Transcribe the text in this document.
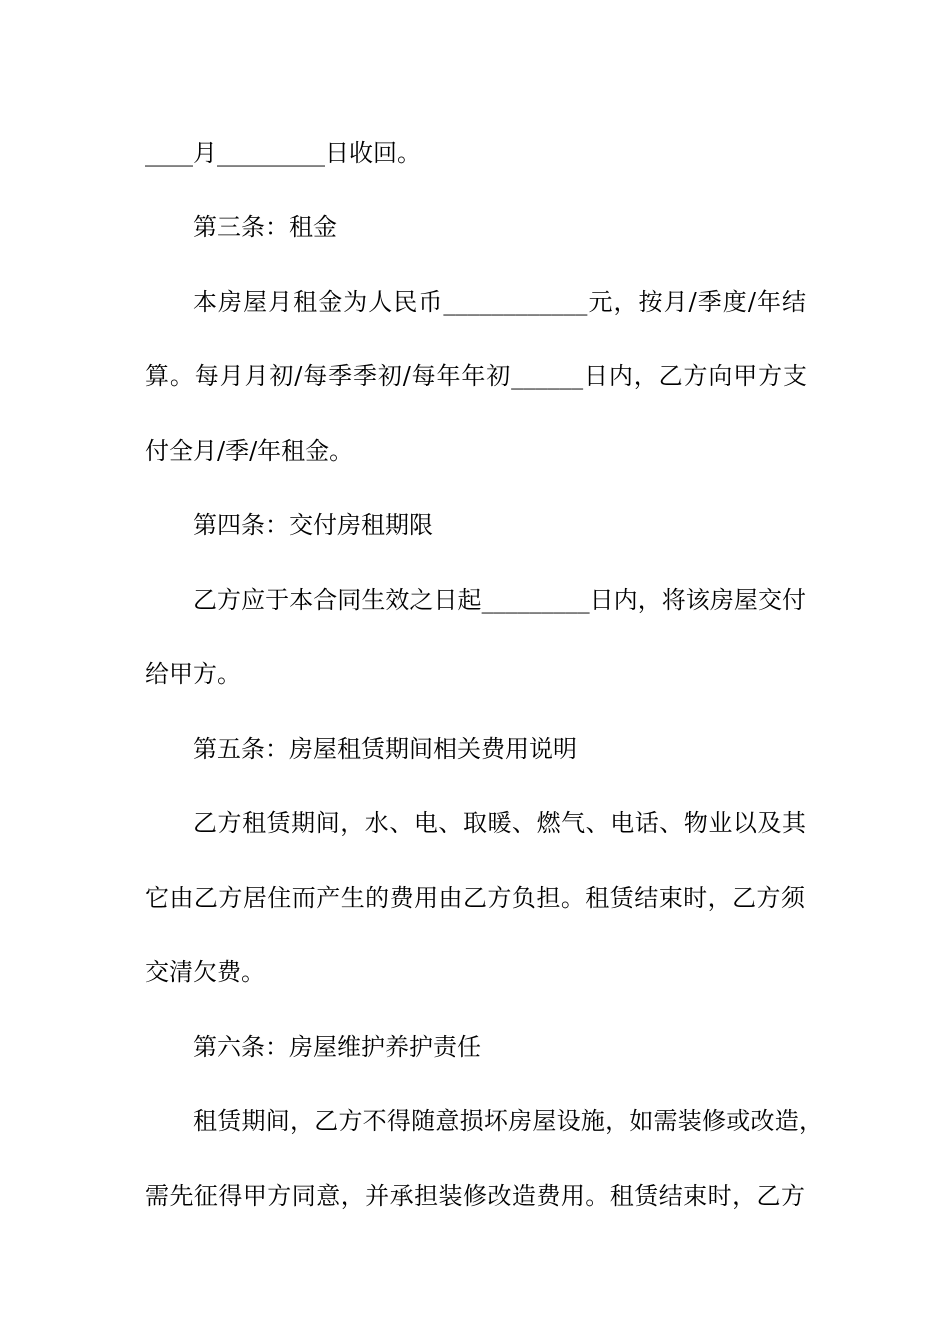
____月_________日收回。
第三条：租金
本房屋月租金为人民币____________元，按月/季度/年结
算。每月月初/每季季初/每年年初______日内，乙方向甲方支
付全月/季/年租金。
第四条：交付房租期限
乙方应于本合同生效之日起_________日内，将该房屋交付
给甲方。
第五条：房屋租赁期间相关费用说明
乙方租赁期间，水、电、取暖、燃气、电话、物业以及其
它由乙方居住而产生的费用由乙方负担。租赁结束时，乙方须
交清欠费。
第六条：房屋维护养护责任
租赁期间，乙方不得随意损坏房屋设施，如需装修或改造，
需先征得甲方同意，并承担装修改造费用。租赁结束时，乙方
